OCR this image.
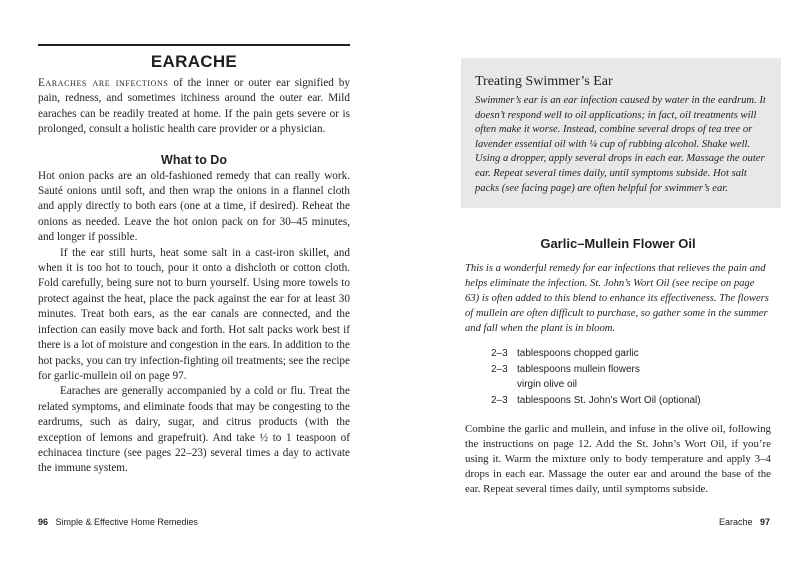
EARACHE

Earaches are infections of the inner or outer ear signified by pain, redness, and sometimes itchiness around the outer ear. Mild earaches can be readily treated at home. If the pain gets severe or is prolonged, consult a holistic health care provider or a physician.

What to Do

Hot onion packs are an old-fashioned remedy that can really work. Sauté onions until soft, and then wrap the onions in a flannel cloth and apply directly to both ears (one at a time, if desired). Reheat the onions as needed. Leave the hot onion pack on for 30–45 minutes, and longer if possible.

If the ear still hurts, heat some salt in a cast-iron skillet, and when it is too hot to touch, pour it onto a dishcloth or cotton cloth. Fold carefully, being sure not to burn yourself. Using more towels to protect against the heat, place the pack against the ear for at least 30 minutes. Treat both ears, as the ear canals are connected, and the infection can easily move back and forth. Hot salt packs work best if there is a lot of moisture and congestion in the ears. In addition to the hot packs, you can try infection-fighting oil treatments; see the recipe for garlic-mullein oil on page 97.

Earaches are generally accompanied by a cold or flu. Treat the related symptoms, and eliminate foods that may be congesting to the eardrums, such as dairy, sugar, and citrus products (with the exception of lemons and grapefruit). And take ½ to 1 teaspoon of echinacea tincture (see pages 22–23) several times a day to activate the immune system.

Treating Swimmer’s Ear

Swimmer’s ear is an ear infection caused by water in the eardrum. It doesn’t respond well to oil applications; in fact, oil treatments will often make it worse. Instead, combine several drops of tea tree or lavender essential oil with ¼ cup of rubbing alcohol. Shake well. Using a dropper, apply several drops in each ear. Massage the outer ear. Repeat several times daily, until symptoms subside. Hot salt packs (see facing page) are often helpful for swimmer’s ear.

Garlic–Mullein Flower Oil

This is a wonderful remedy for ear infections that relieves the pain and helps eliminate the infection. St. John’s Wort Oil (see recipe on page 63) is often added to this blend to enhance its effectiveness. The flowers of mullein are often difficult to purchase, so gather some in the summer and fall when the plant is in bloom.

2–3 tablespoons chopped garlic
2–3 tablespoons mullein flowers
virgin olive oil
2–3 tablespoons St. John’s Wort Oil (optional)

Combine the garlic and mullein, and infuse in the olive oil, following the instructions on page 12. Add the St. John’s Wort Oil, if you’re using it. Warm the mixture only to body temperature and apply 3–4 drops in each ear. Massage the outer ear and around the base of the ear. Repeat several times daily, until symptoms subside.

96 Simple & Effective Home Remedies	Earache 97
